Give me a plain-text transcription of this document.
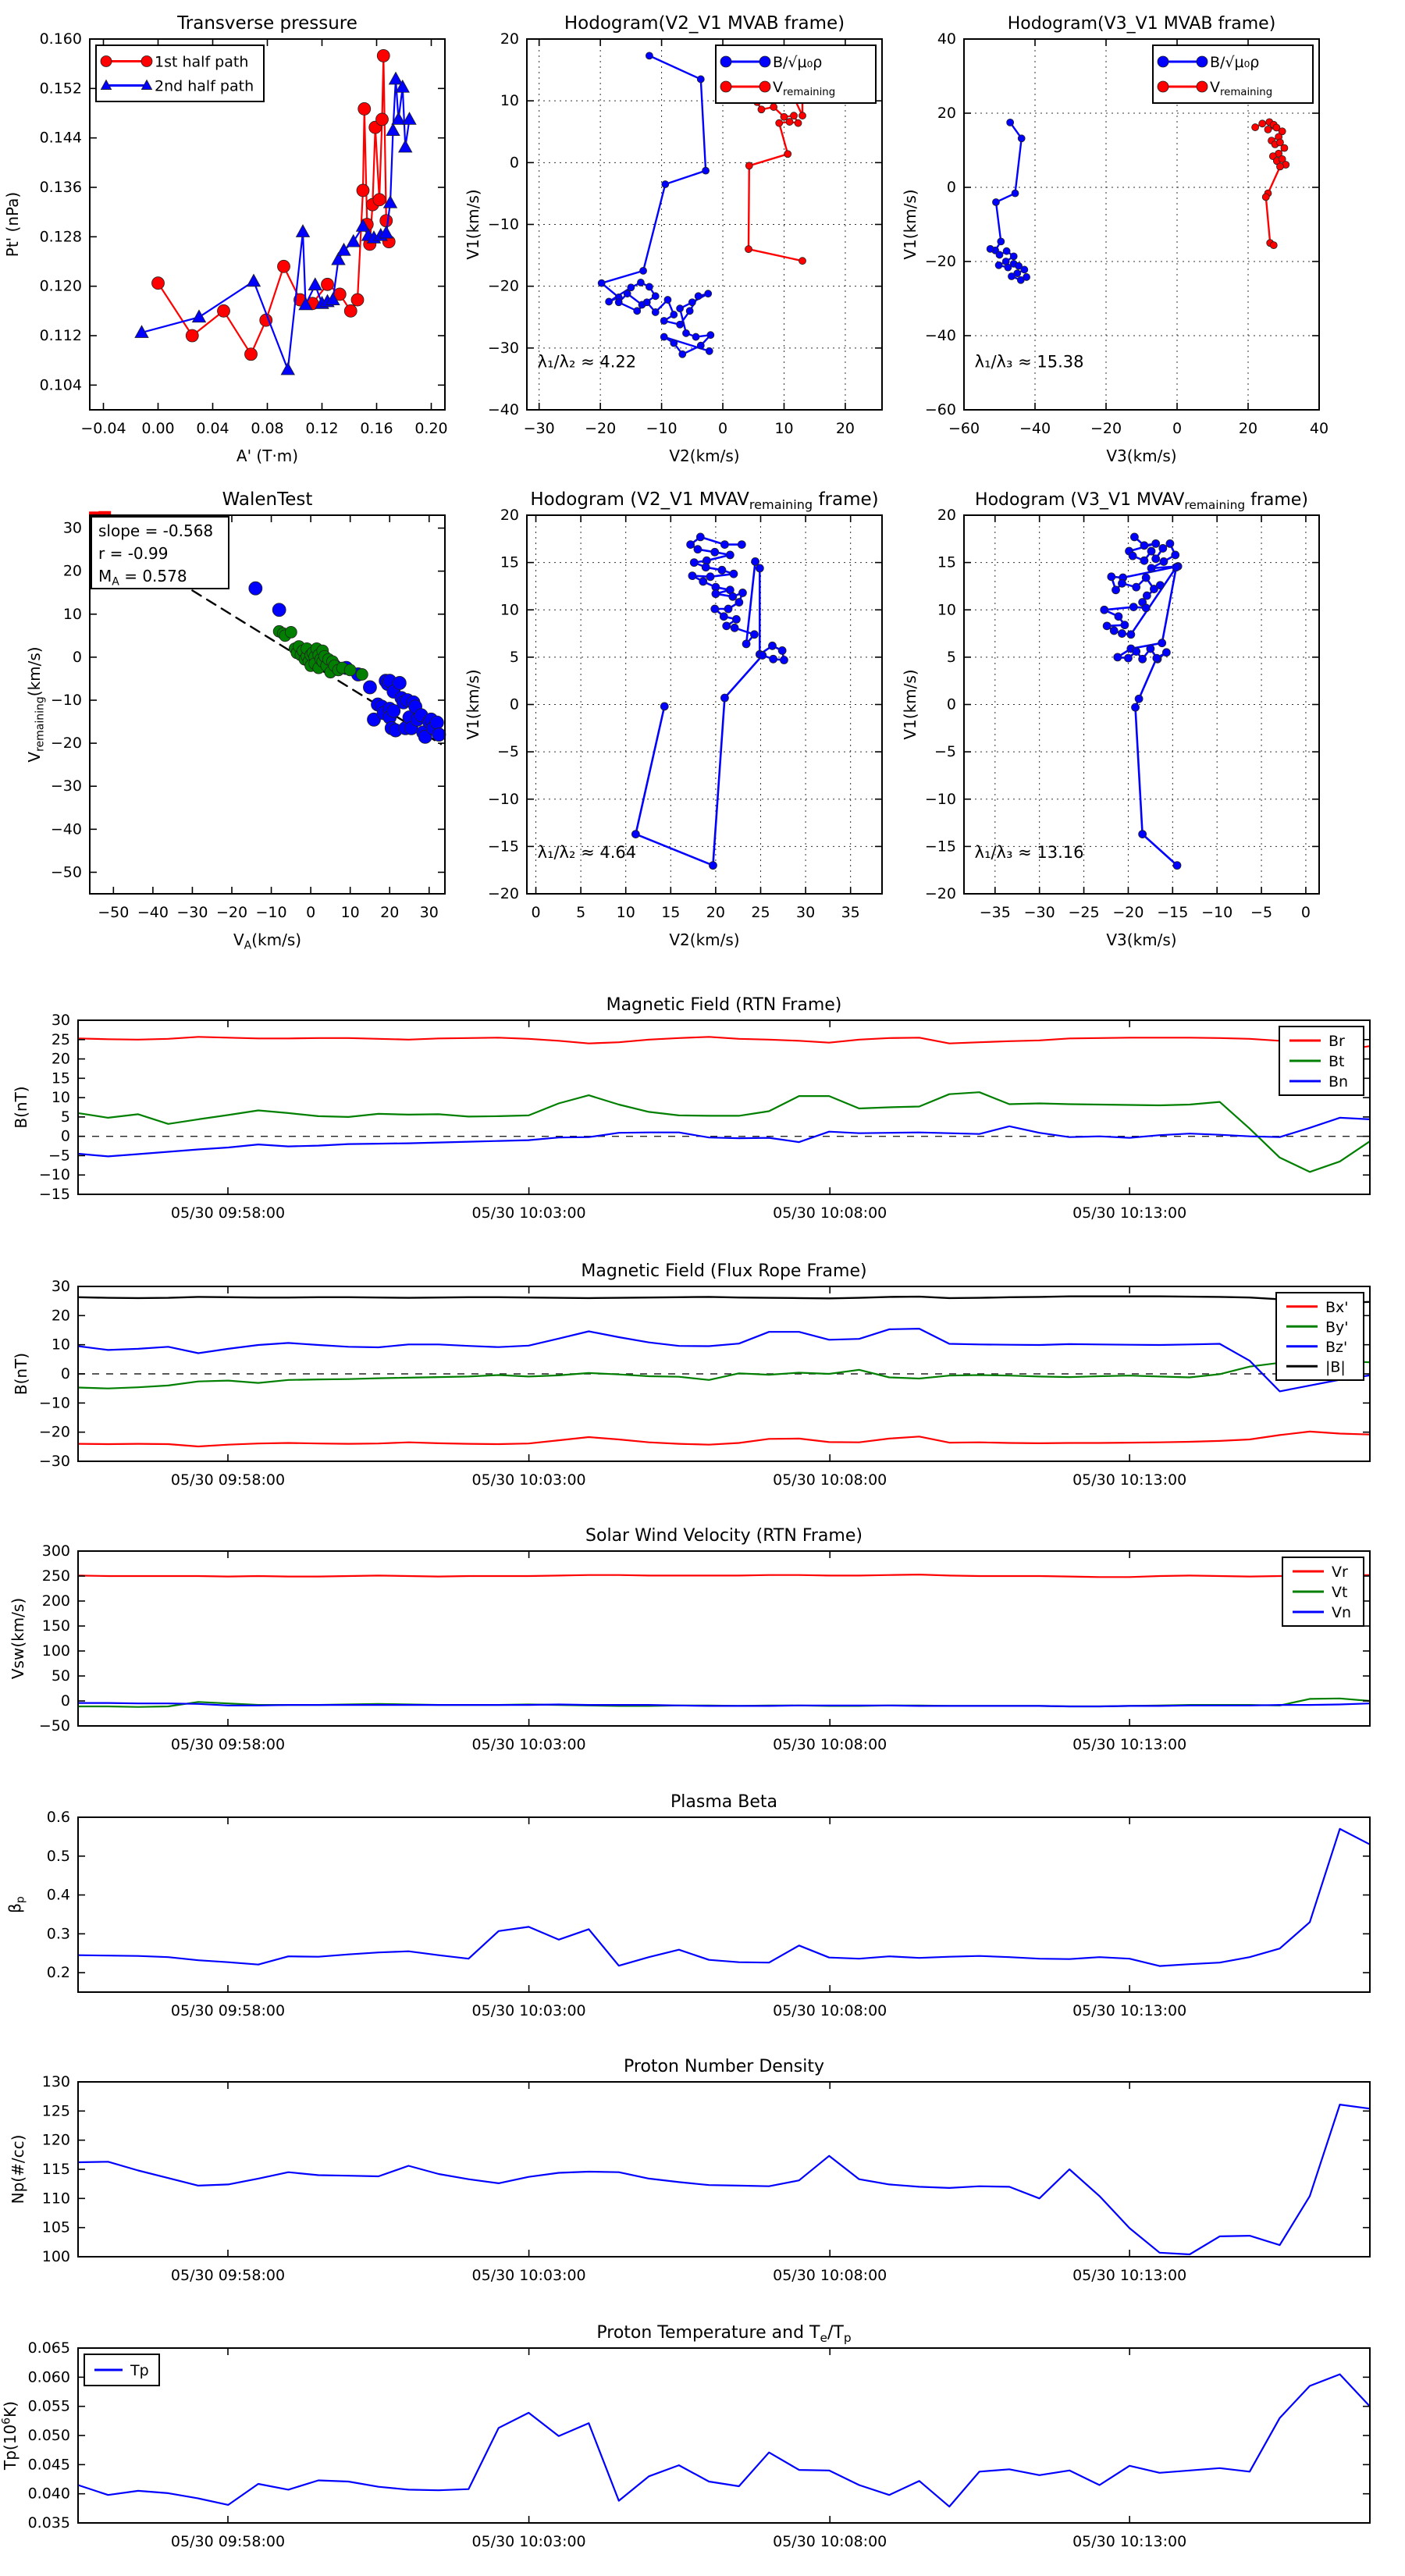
−0.04 0.00 0.04 0.08 0.12 0.16 0.20
0.104
0.112
0.120
0.128
0.136
0.144
0.152
0.160
Transverse pressure
A' (T·m)
Pt' (nPa)
1st half path
2nd half path
−30 −20 −10	0	10	20
−40
−30
−20
−10
0
10
20
Hodogram(V2_V1 MVAB frame)
V2(km/s)
V1(km/s)
λ₁/λ₂ ≈ 4.22
B/√μ₀ρ
$V_{remaining}$
−60	−40	−20	0	20	40
−60
−40
−20
0
20
40
Hodogram(V3_V1 MVAB frame)
V3(km/s)
V1(km/s)
λ₁/λ₃ ≈ 15.38
B/√μ₀ρ
$V_{remaining}$
−50 −40 −30 −20 −10 0 10 20 30
−50
−40
−30
−20
−10
0
10
20
30
WalenTest
$V_A(km/s)$
$V_{remaining}(km/s)$
slope = -0.568
r = -0.99
$M_A = 0.578$
0 5 10 15 20 25 30 35
−20
−15
−10
−5
0
5
10
15
20
Hodogram (V2_V1 $MVAV_{remaining}$ frame)
V2(km/s)
V1(km/s)
λ₁/λ₂ ≈ 4.64
−35 −30 −25 −20 −15 −10 −5 0
−20
−15
−10
−5
0
5
10
15
20
Hodogram (V3_V1 $MVAV_{remaining}$ frame)
V3(km/s)
V1(km/s)
λ₁/λ₃ ≈ 13.16
05/30 09:58:00	05/30 10:03:00	05/30 10:08:00	05/30 10:13:00
−15
−10
−5
0
5
10
15
20
25
30
Magnetic Field (RTN Frame)
B(nT)
Br
Bt
Bn
05/30 09:58:00	05/30 10:03:00	05/30 10:08:00	05/30 10:13:00
−30
−20
−10
0
10
20
30
Magnetic Field (Flux Rope Frame)
B(nT)
Bx'
By'
Bz'
|B|
05/30 09:58:00	05/30 10:03:00	05/30 10:08:00	05/30 10:13:00
−50
0
50
100
150
200
250
300
Solar Wind Velocity (RTN Frame)
Vsw(km/s)
Vr
Vt
Vn
05/30 09:58:00	05/30 10:03:00	05/30 10:08:00	05/30 10:13:00
0.2
0.3
0.4
0.5
0.6
Plasma Beta
$\beta_p$
05/30 09:58:00	05/30 10:03:00	05/30 10:08:00	05/30 10:13:00
100
105
110
115
120
125
130
Proton Number Density
Np(#/cc)
05/30 09:58:00	05/30 10:03:00	05/30 10:08:00	05/30 10:13:00
0.035
0.040
0.045
0.050
0.055
0.060
0.065
Proton Temperature and $T_e/T_p$
$Tp(10^6K)$
Tp
